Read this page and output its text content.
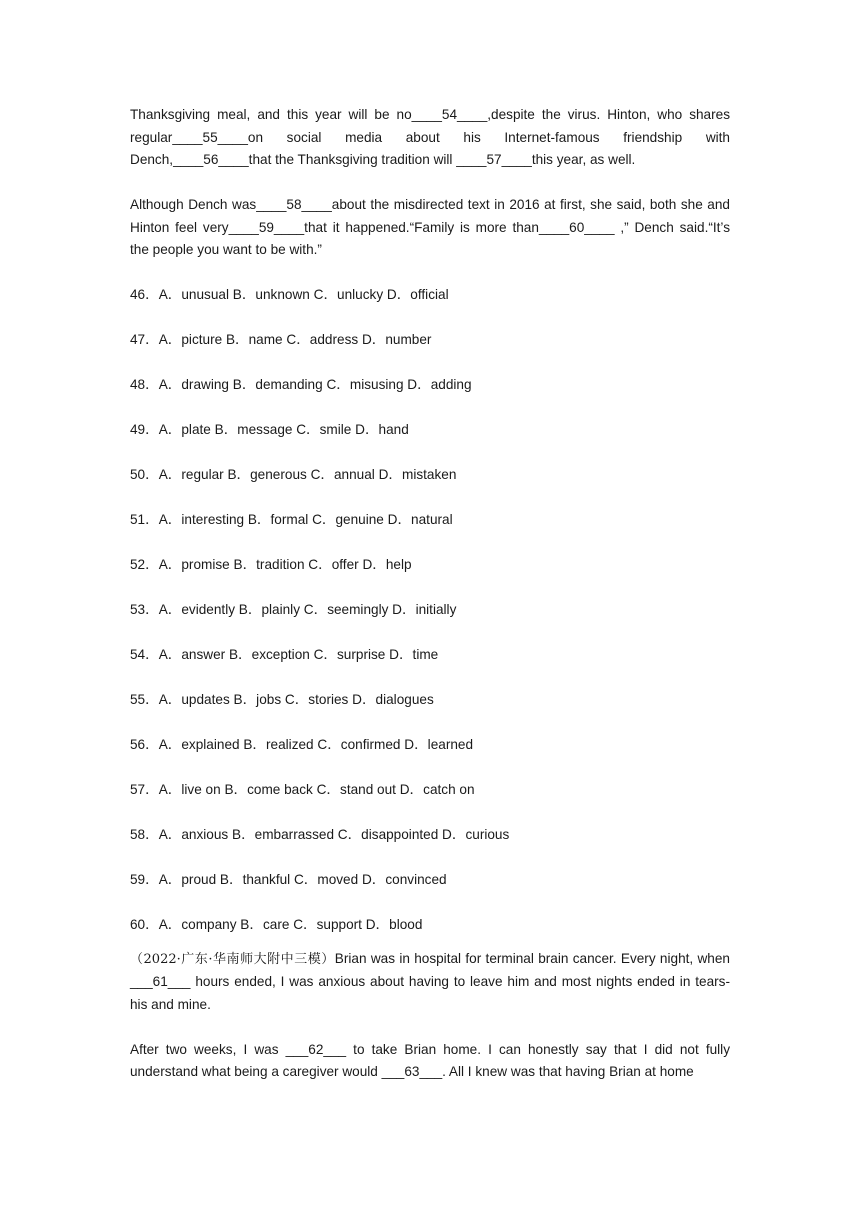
Thanksgiving meal, and this year will be no____54____,despite the virus. Hinton, who shares regular____55____on social media about his Internet-famous friendship with Dench,____56____that the Thanksgiving tradition will ____57____this year, as well.

Although Dench was____58____about the misdirected text in 2016 at first, she said, both she and Hinton feel very____59____that it happened.“Family is more than____60____ ,” Dench said.“It’s the people you want to be with.”

46．A．unusual B．unknown C．unlucky D．official

47．A．picture B．name C．address D．number

48．A．drawing B．demanding C．misusing D．adding

49．A．plate B．message C．smile D．hand

50．A．regular B．generous C．annual D．mistaken

51．A．interesting B．formal C．genuine D．natural

52．A．promise B．tradition C．offer D．help

53．A．evidently B．plainly C．seemingly D．initially

54．A．answer B．exception C．surprise D．time

55．A．updates B．jobs C．stories D．dialogues

56．A．explained B．realized C．confirmed D．learned

57．A．live on B．come back C．stand out D．catch on

58．A．anxious B．embarrassed C．disappointed D．curious

59．A．proud B．thankful C．moved D．convinced

60．A．company B．care C．support D．blood

（2022·广东·华南师大附中三模）Brian was in hospital for terminal brain cancer. Every night, when ___61___ hours ended, I was anxious about having to leave him and most nights ended in tears-his and mine.

After two weeks, I was ___62___ to take Brian home. I can honestly say that I did not fully understand what being a caregiver would ___63___. All I knew was that having Brian at home
